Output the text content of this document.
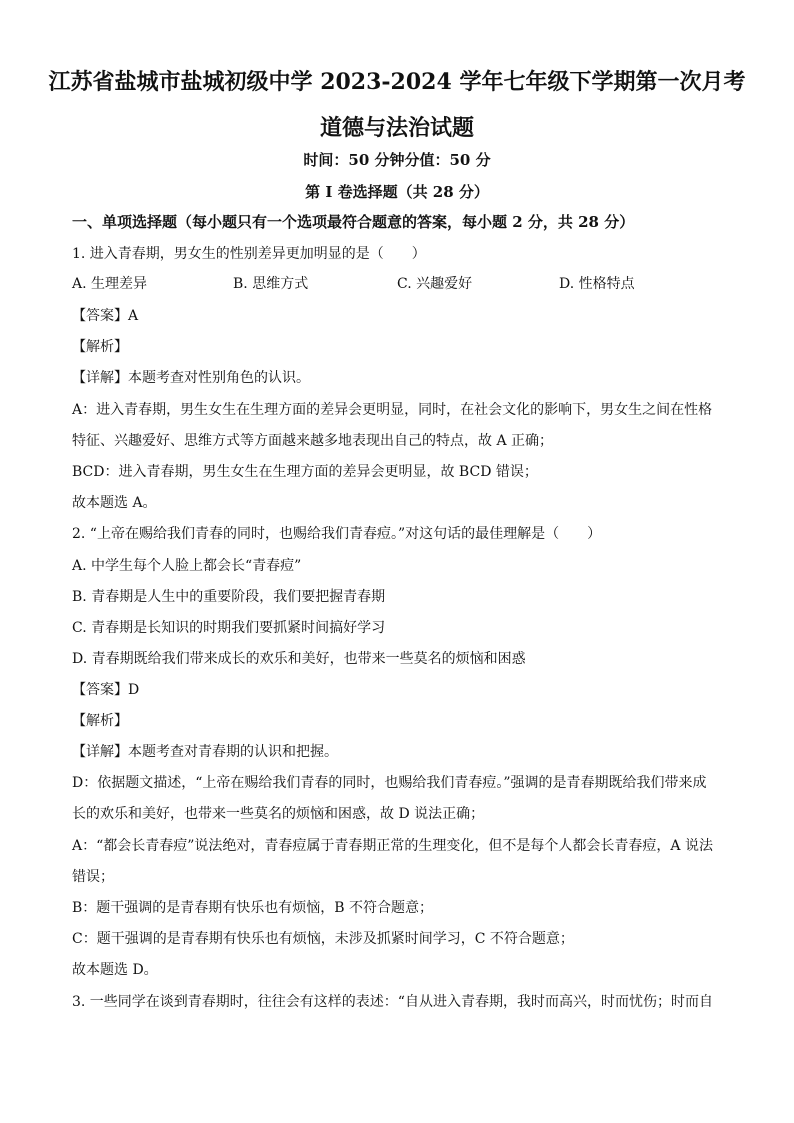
江苏省盐城市盐城初级中学 2023-2024 学年七年级下学期第一次月考
道德与法治试题
时间：50 分钟分值：50 分
第 Ⅰ 卷选择题（共 28 分）
一、单项选择题（每小题只有一个选项最符合题意的答案，每小题 2 分，共 28 分）
1. 进入青春期，男女生的性别差异更加明显的是（　　）
A. 生理差异	B. 思维方式	C. 兴趣爱好	D. 性格特点
【答案】A
【解析】
【详解】本题考查对性别角色的认识。
A：进入青春期，男生女生在生理方面的差异会更明显，同时，在社会文化的影响下，男女生之间在性格
特征、兴趣爱好、思维方式等方面越来越多地表现出自己的特点，故 A 正确；
BCD：进入青春期，男生女生在生理方面的差异会更明显，故 BCD 错误；
故本题选 A。
2. “上帝在赐给我们青春的同时，也赐给我们青春痘。”对这句话的最佳理解是（　　）
A. 中学生每个人脸上都会长“青春痘”
B. 青春期是人生中的重要阶段，我们要把握青春期
C. 青春期是长知识的时期我们要抓紧时间搞好学习
D. 青春期既给我们带来成长的欢乐和美好，也带来一些莫名的烦恼和困惑
【答案】D
【解析】
【详解】本题考查对青春期的认识和把握。
D：依据题文描述，“上帝在赐给我们青春的同时，也赐给我们青春痘。”强调的是青春期既给我们带来成
长的欢乐和美好，也带来一些莫名的烦恼和困惑，故 D 说法正确；
A：“都会长青春痘”说法绝对，青春痘属于青春期正常的生理变化，但不是每个人都会长青春痘，A 说法
错误；
B：题干强调的是青春期有快乐也有烦恼，B 不符合题意；
C：题干强调的是青春期有快乐也有烦恼，未涉及抓紧时间学习，C 不符合题意；
故本题选 D。
3. 一些同学在谈到青春期时，往往会有这样的表述：“自从进入青春期，我时而高兴，时而忧伤；时而自
